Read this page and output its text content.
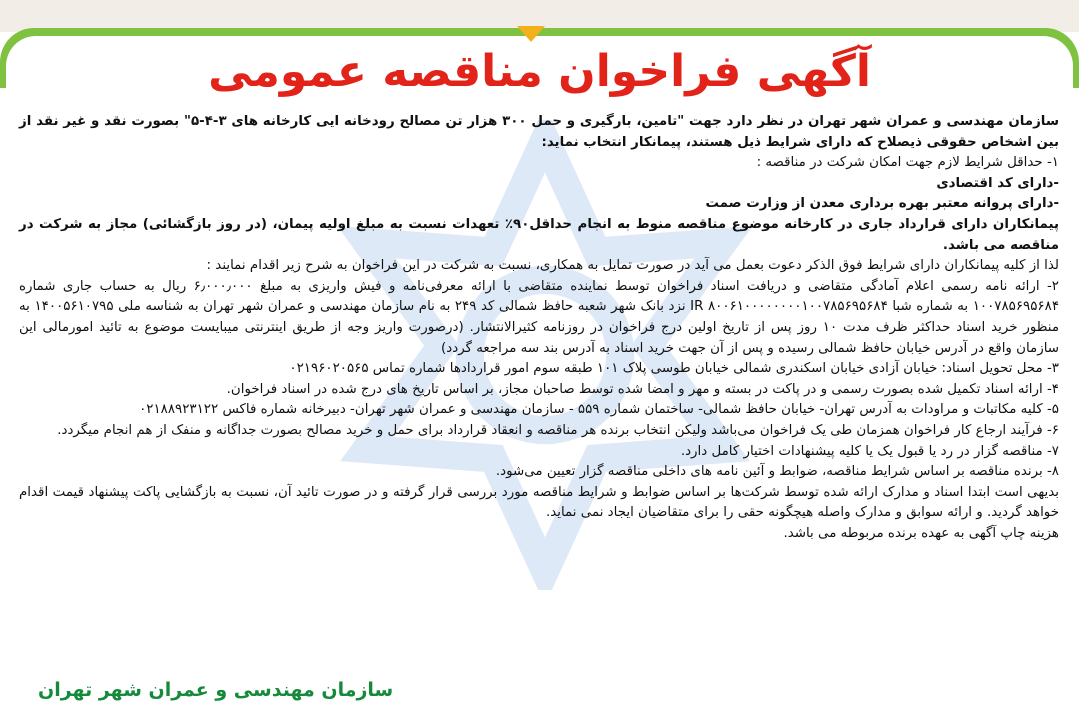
آگهی فراخوان مناقصه عمومی

سازمان مهندسی و عمران شهر تهران در نظر دارد جهت "تامین، بارگیری و حمل ۳۰۰ هزار تن مصالح رودخانه ایی کارخانه های ۳-۴-۵" بصورت نقد و غیر نقد از بین اشخاص حقوقی ذیصلاح که دارای شرایط ذیل هستند، پیمانکار انتخاب نماید:

۱- حداقل شرایط لازم جهت امکان شرکت در مناقصه :

-دارای کد اقتصادی

-دارای پروانه معتبر بهره برداری معدن از وزارت صمت

پیمانکاران دارای قرارداد جاری در کارخانه موضوع مناقصه منوط به انجام حداقل۹۰٪ تعهدات نسبت به مبلغ اولیه پیمان، (در روز بازگشائی) مجاز به شرکت در مناقصه می باشد.

لذا از کلیه پیمانکاران دارای شرایط فوق الذکر دعوت بعمل می آید در صورت تمایل به همکاری، نسبت به شرکت در این فراخوان به شرح زیر اقدام نمایند :

۲- ارائه نامه رسمی اعلام آمادگی متقاضی و دریافت اسناد فراخوان توسط نماینده متقاضی با ارائه معرفی‌نامه و فیش واریزی به مبلغ ۶٫۰۰۰٫۰۰۰ ریال به حساب جاری شماره ۱۰۰۷۸۵۶۹۵۶۸۴ به شماره شبا IR ۸۰۰۶۱۰۰۰۰۰۰۰۰۱۰۰۷۸۵۶۹۵۶۸۴ نزد بانک شهر شعبه حافظ شمالی کد ۲۴۹ به نام سازمان مهندسی و عمران شهر تهران به شناسه ملی ۱۴۰۰۵۶۱۰۷۹۵ به منظور خرید اسناد حداکثر ظرف مدت ۱۰ روز پس از تاریخ اولین درج فراخوان در روزنامه کثیرالانتشار. (درصورت واریز وجه از طریق اینترنتی میبایست موضوع به تائید امورمالی این سازمان واقع در آدرس خیابان حافظ شمالی رسیده و پس از آن جهت خرید اسناد به آدرس بند سه مراجعه گردد)

۳- محل تحویل اسناد: خیابان آزادی خیابان اسکندری شمالی خیابان طوسی پلاک ۱۰۱ طبقه سوم امور قراردادها شماره تماس ۰۲۱۹۶۰۲۰۵۶۵

۴- ارائه اسناد تکمیل شده بصورت رسمی و در پاکت در بسته و مهر و امضا شده توسط صاحبان مجاز، بر اساس تاریخ های درج شده در اسناد فراخوان.

۵- کلیه مکاتبات و مراودات به آدرس تهران- خیابان حافظ شمالی- ساختمان شماره ۵۵۹ - سازمان مهندسی و عمران شهر تهران- دبیرخانه شماره فاکس ۰۲۱۸۸۹۲۳۱۲۲

۶- فرآیند ارجاع کار فراخوان همزمان طی یک فراخوان می‌باشد ولیکن انتخاب برنده هر مناقصه و انعقاد قرارداد برای حمل و خرید مصالح بصورت جداگانه و منفک از هم انجام میگردد.

۷- مناقصه گزار در رد یا قبول یک یا کلیه پیشنهادات اختیار کامل دارد.

۸- برنده مناقصه بر اساس شرایط مناقصه، ضوابط و آئین نامه های داخلی مناقصه گزار تعیین می‌شود.

بدیهی است ابتدا اسناد و مدارک ارائه شده توسط شرکت‌ها بر اساس ضوابط و شرایط مناقصه مورد بررسی قرار گرفته و در صورت تائید آن، نسبت به بازگشایی پاکت پیشنهاد قیمت اقدام خواهد گردید. و ارائه سوابق و مدارک واصله هیچگونه حقی را برای متقاضیان ایجاد نمی نماید.

هزینه چاپ آگهی به عهده برنده مربوطه می باشد.

سازمان مهندسی و عمران شهر تهران
